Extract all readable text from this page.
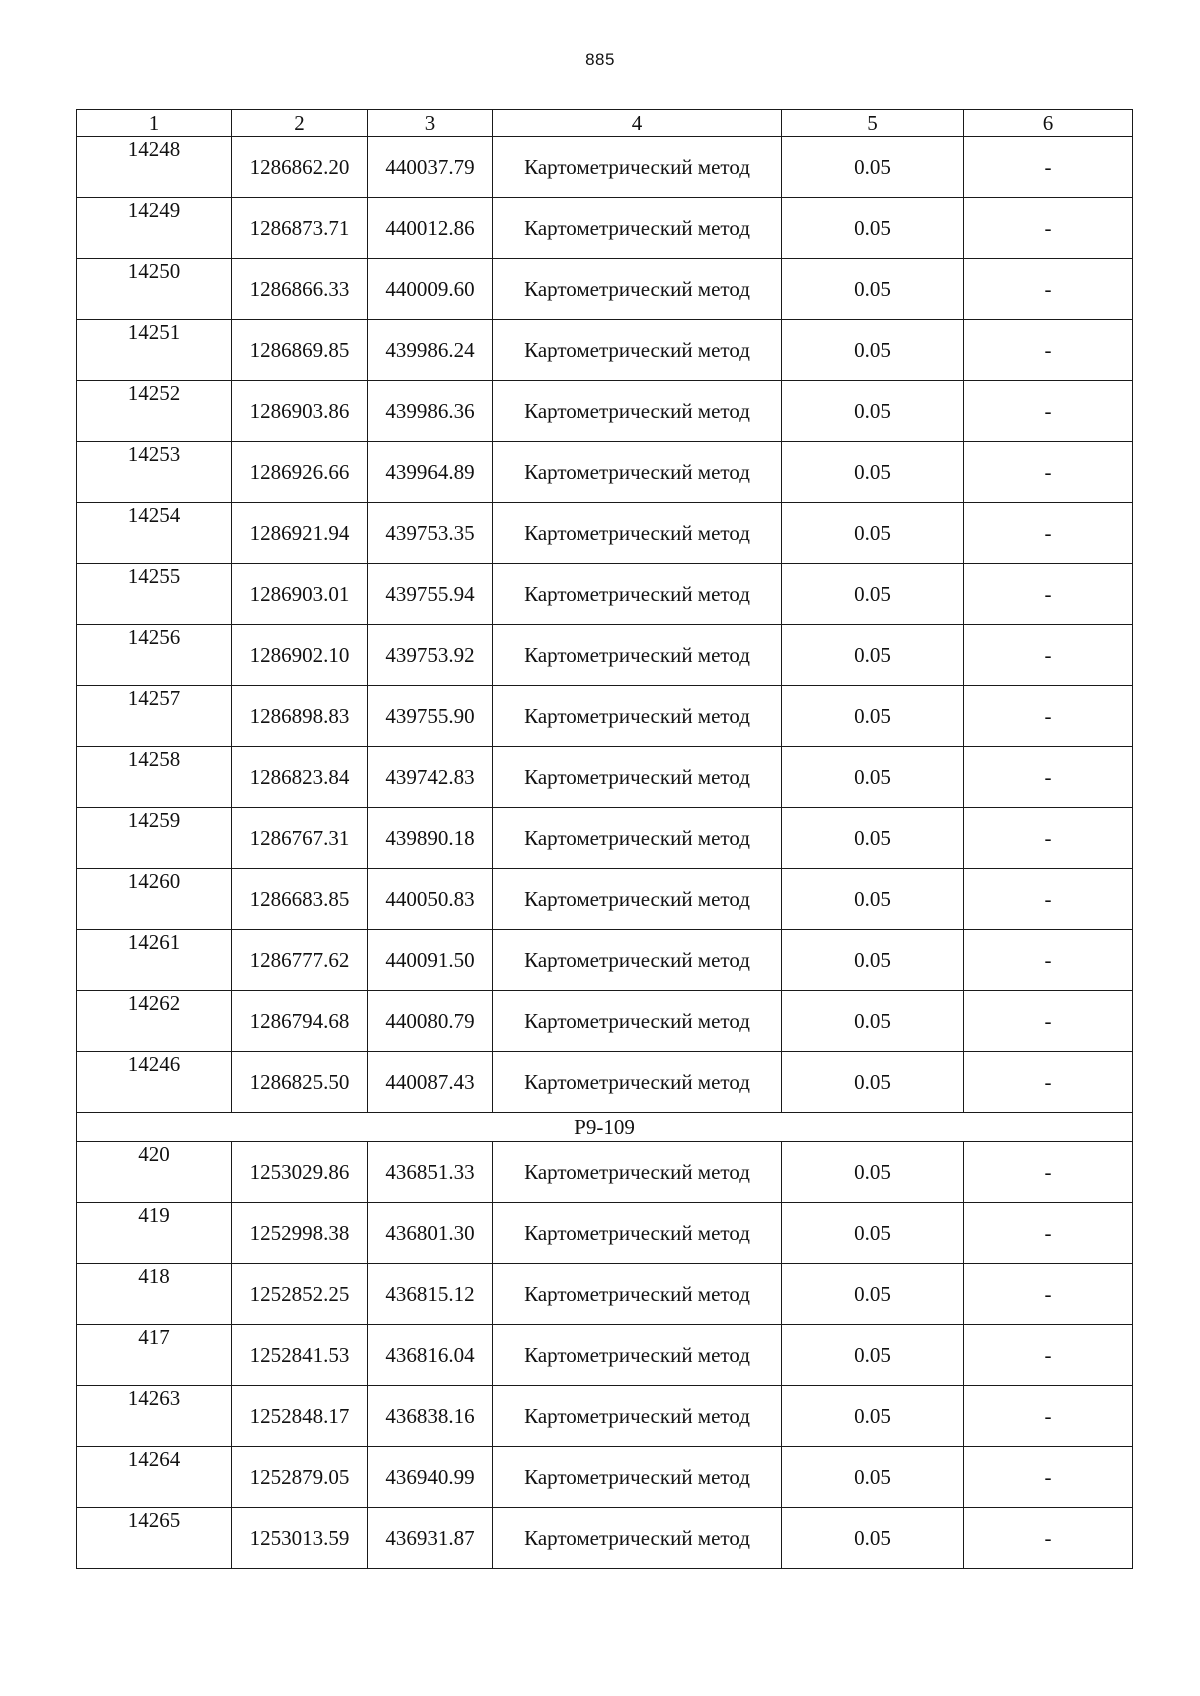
885
1	2	3	4	5	6
14248	1286862.20	440037.79	Картометрический метод	0.05	-
14249	1286873.71	440012.86	Картометрический метод	0.05	-
14250	1286866.33	440009.60	Картометрический метод	0.05	-
14251	1286869.85	439986.24	Картометрический метод	0.05	-
14252	1286903.86	439986.36	Картометрический метод	0.05	-
14253	1286926.66	439964.89	Картометрический метод	0.05	-
14254	1286921.94	439753.35	Картометрический метод	0.05	-
14255	1286903.01	439755.94	Картометрический метод	0.05	-
14256	1286902.10	439753.92	Картометрический метод	0.05	-
14257	1286898.83	439755.90	Картометрический метод	0.05	-
14258	1286823.84	439742.83	Картометрический метод	0.05	-
14259	1286767.31	439890.18	Картометрический метод	0.05	-
14260	1286683.85	440050.83	Картометрический метод	0.05	-
14261	1286777.62	440091.50	Картометрический метод	0.05	-
14262	1286794.68	440080.79	Картометрический метод	0.05	-
14246	1286825.50	440087.43	Картометрический метод	0.05	-
Р9-109					
420	1253029.86	436851.33	Картометрический метод	0.05	-
419	1252998.38	436801.30	Картометрический метод	0.05	-
418	1252852.25	436815.12	Картометрический метод	0.05	-
417	1252841.53	436816.04	Картометрический метод	0.05	-
14263	1252848.17	436838.16	Картометрический метод	0.05	-
14264	1252879.05	436940.99	Картометрический метод	0.05	-
14265	1253013.59	436931.87	Картометрический метод	0.05	-
